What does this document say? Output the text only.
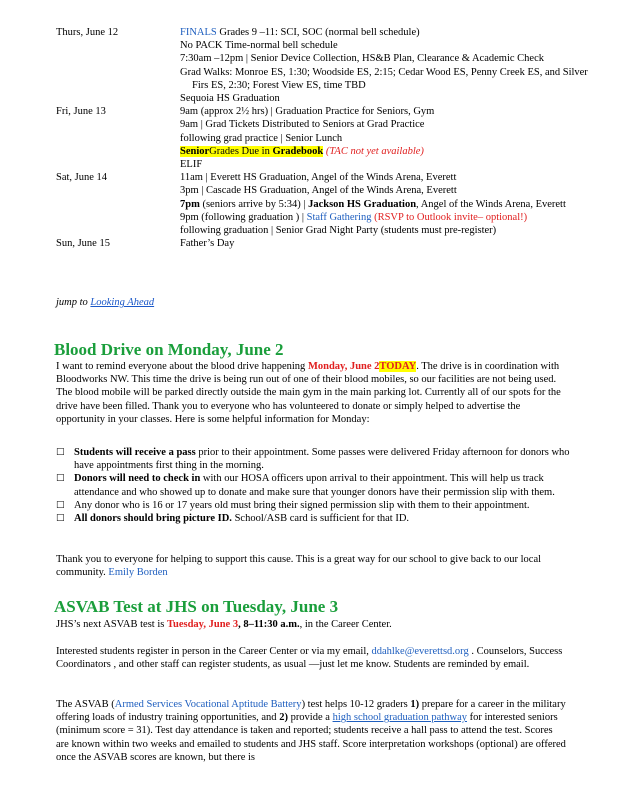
Thurs, June 12	FINALS Grades 9 –11: SCI, SOC (normal bell schedule)
No PACK Time-normal bell schedule
7:30am –12pm | Senior Device Collection, HS&B Plan, Clearance & Academic Check
Grad Walks: Monroe ES, 1:30; Woodside ES, 2:15; Cedar Wood ES, Penny Creek ES, and Silver Firs ES, 2:30; Forest View ES, time TBD
Sequoia HS Graduation
Fri, June 13	9am (approx 2½ hrs) | Graduation Practice for Seniors, Gym
9am | Grad Tickets Distributed to Seniors at Grad Practice
following grad practice | Senior Lunch
SeniorGrades Due in Gradebook (TAC not yet available)
ELIF
Sat, June 14	11am | Everett HS Graduation, Angel of the Winds Arena, Everett
3pm | Cascade HS Graduation, Angel of the Winds Arena, Everett
7pm (seniors arrive by 5:34) | Jackson HS Graduation, Angel of the Winds Arena, Everett
9pm (following graduation ) | Staff Gathering (RSVP to Outlook invite– optional!)
following graduation | Senior Grad Night Party (students must pre-register)
Sun, June 15	Father’s Day
jump to Looking Ahead
Blood Drive on Monday, June 2
I want to remind everyone about the blood drive happening Monday, June 2TODAY. The drive is in coordination with Bloodworks NW. This time the drive is being run out of one of their blood mobiles, so our facilities are not being used. The blood mobile will be parked directly outside the main gym in the main parking lot. Currently all of our spots for the drive have been filled. Thank you to everyone who has volunteered to donate or simply helped to advertise the opportunity in your classes. Here is some helpful information for Monday:
□ Students will receive a pass prior to their appointment. Some passes were delivered Friday afternoon for donors who have appointments first thing in the morning.
□ Donors will need to check in with our HOSA officers upon arrival to their appointment. This will help us track attendance and who showed up to donate and make sure that younger donors have their permission slip with them.
□ Any donor who is 16 or 17 years old must bring their signed permission slip with them to their appointment.
□ All donors should bring picture ID. School/ASB card is sufficient for that ID.
Thank you to everyone for helping to support this cause. This is a great way for our school to give back to our local community. Emily Borden
ASVAB Test at JHS on Tuesday, June 3
JHS’s next ASVAB test is Tuesday, June 3, 8–11:30 a.m., in the Career Center.
Interested students register in person in the Career Center or via my email, ddahlke@everettsd.org . Counselors, Success Coordinators , and other staff can register students, as usual —just let me know. Students are reminded by email.
The ASVAB (Armed Services Vocational Aptitude Battery) test helps 10-12 graders 1) prepare for a career in the military offering loads of industry training opportunities, and 2) provide a high school graduation pathway for interested seniors (minimum score = 31). Test day attendance is taken and reported; students receive a hall pass to attend the test. Scores are known within two weeks and emailed to students and JHS staff. Score interpretation workshops (optional) are offered once the ASVAB scores are known, but there is
